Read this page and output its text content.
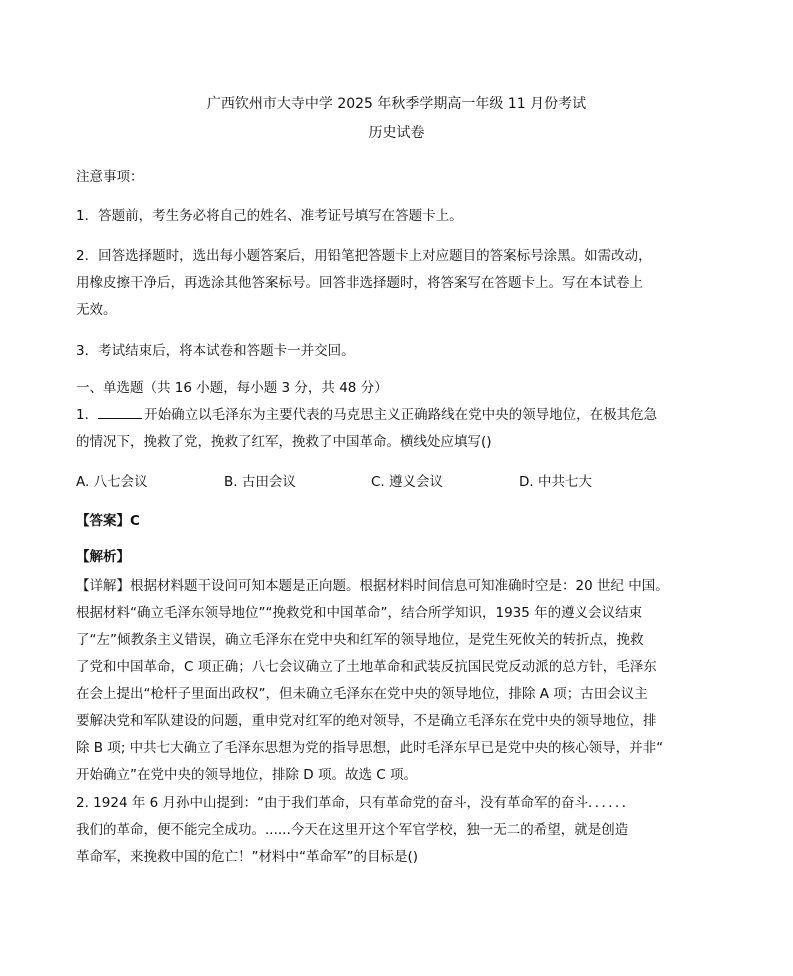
广西钦州市大寺中学 2025 年秋季学期高一年级 11 月份考试
历史试卷
注意事项：
1．答题前，考生务必将自己的姓名、准考证号填写在答题卡上。
2．回答选择题时，选出每小题答案后，用铅笔把答题卡上对应题目的答案标号涂黑。如需改动，
用橡皮擦干净后，再选涂其他答案标号。回答非选择题时，将答案写在答题卡上。写在本试卷上
无效。
3．考试结束后，将本试卷和答题卡一并交回。
一、单选题（共 16 小题，每小题 3 分，共 48 分）
1．	开始确立以毛泽东为主要代表的马克思主义正确路线在党中央的领导地位，在极其危急
的情况下，挽救了党，挽救了红军，挽救了中国革命。横线处应填写()
A. 八七会议	B. 古田会议	C. 遵义会议	D. 中共七大
【答案】C
【解析】
【详解】根据材料题干设问可知本题是正向题。根据材料时间信息可知准确时空是：20 世纪 中国。
根据材料“确立毛泽东领导地位”“挽救党和中国革命”，结合所学知识，1935 年的遵义会议结束
了“左”倾教条主义错误，确立毛泽东在党中央和红军的领导地位，是党生死攸关的转折点，挽救
了党和中国革命，C 项正确；八七会议确立了土地革命和武装反抗国民党反动派的总方针，毛泽东
在会上提出“枪杆子里面出政权”，但未确立毛泽东在党中央的领导地位，排除 A 项；古田会议主
要解决党和军队建设的问题，重申党对红军的绝对领导，不是确立毛泽东在党中央的领导地位，排
除 B 项; 中共七大确立了毛泽东思想为党的指导思想，此时毛泽东早已是党中央的核心领导，并非“
开始确立”在党中央的领导地位，排除 D 项。故选 C 项。
2. 1924 年 6 月孙中山提到：“由于我们革命，只有革命党的奋斗，没有革命军的奋斗．．．．．．
我们的革命，便不能完全成功。......今天在这里开这个军官学校，独一无二的希望，就是创造
革命军，来挽救中国的危亡！”材料中“革命军”的目标是()
